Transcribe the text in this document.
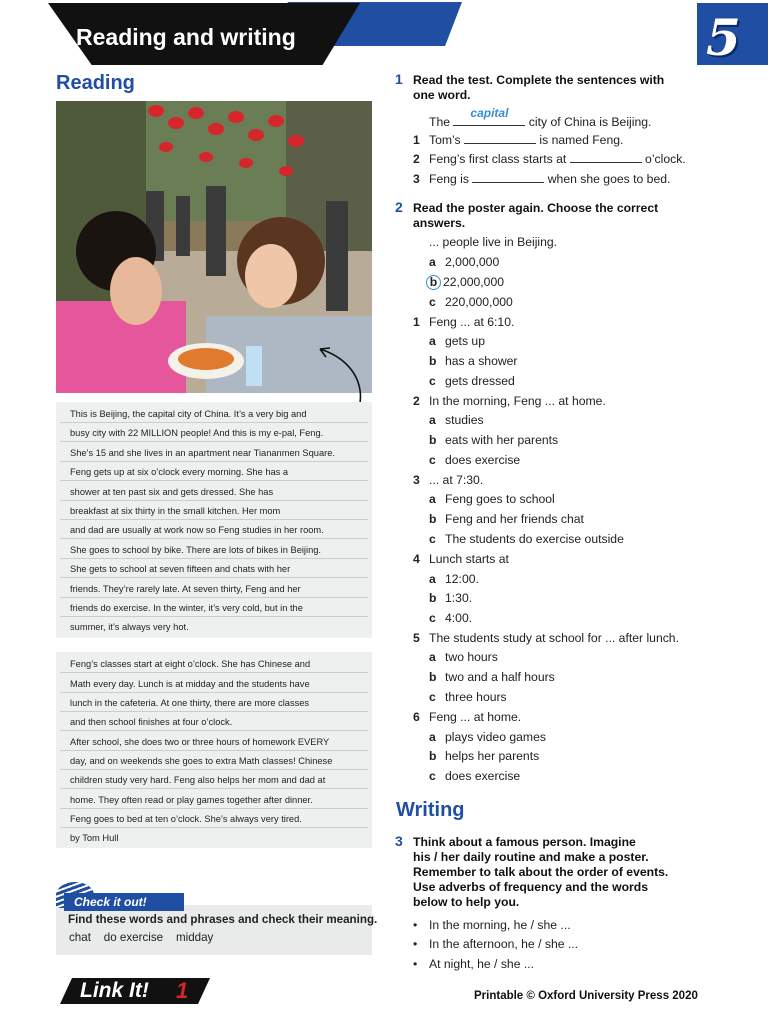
Reading and writing	5
Reading
This is Beijing, the capital city of China. It’s a very big and
busy city with 22 MILLION people! And this is my e-pal, Feng.
She’s 15 and she lives in an apartment near Tiananmen Square.
Feng gets up at six o’clock every morning. She has a
shower at ten past six and gets dressed. She has
breakfast at six thirty in the small kitchen. Her mom
and dad are usually at work now so Feng studies in her room.
She goes to school by bike. There are lots of bikes in Beijing.
She gets to school at seven fifteen and chats with her
friends. They’re rarely late. At seven thirty, Feng and her
friends do exercise. In the winter, it’s very cold, but in the
summer, it’s always very hot.
Feng’s classes start at eight o’clock. She has Chinese and
Math every day. Lunch is at midday and the students have
lunch in the cafeteria. At one thirty, there are more classes
and then school finishes at four o’clock.
After school, she does two or three hours of homework EVERY
day, and on weekends she goes to extra Math classes! Chinese
children study very hard. Feng also helps her mom and dad at
home. They often read or play games together after dinner.
Feng goes to bed at ten o’clock. She’s always very tired.
by Tom Hull
Check it out!
Find these words and phrases and check their meaning.
chat    do exercise    midday
1 Read the test. Complete the sentences with
one word.
The
capital
city of China is Beijing.
1 Tom’s	is named Feng.
2 Feng’s first class starts at	o’clock.
3 Feng is	when she goes to bed.
2 Read the poster again. Choose the correct
answers.
... people live in Beijing.
a 2,000,000
b 22,000,000
c 220,000,000
1 Feng ... at 6:10.
a gets up
b has a shower
c gets dressed
2 In the morning, Feng ... at home.
a studies
b eats with her parents
c does exercise
3 ... at 7:30.
a Feng goes to school
b Feng and her friends chat
c The students do exercise outside
4 Lunch starts at
a 12:00.
b 1:30.
c 4:00.
5 The students study at school for ... after lunch.
a two hours
b two and a half hours
c three hours
6 Feng ... at home.
a plays video games
b helps her parents
c does exercise
Writing
3 Think about a famous person. Imagine
his / her daily routine and make a poster.
Remember to talk about the order of events.
Use adverbs of frequency and the words
below to help you.
• In the morning, he / she ...
• In the afternoon, he / she ...
• At night, he / she ...
Link It! 1	Printable © Oxford University Press 2020
